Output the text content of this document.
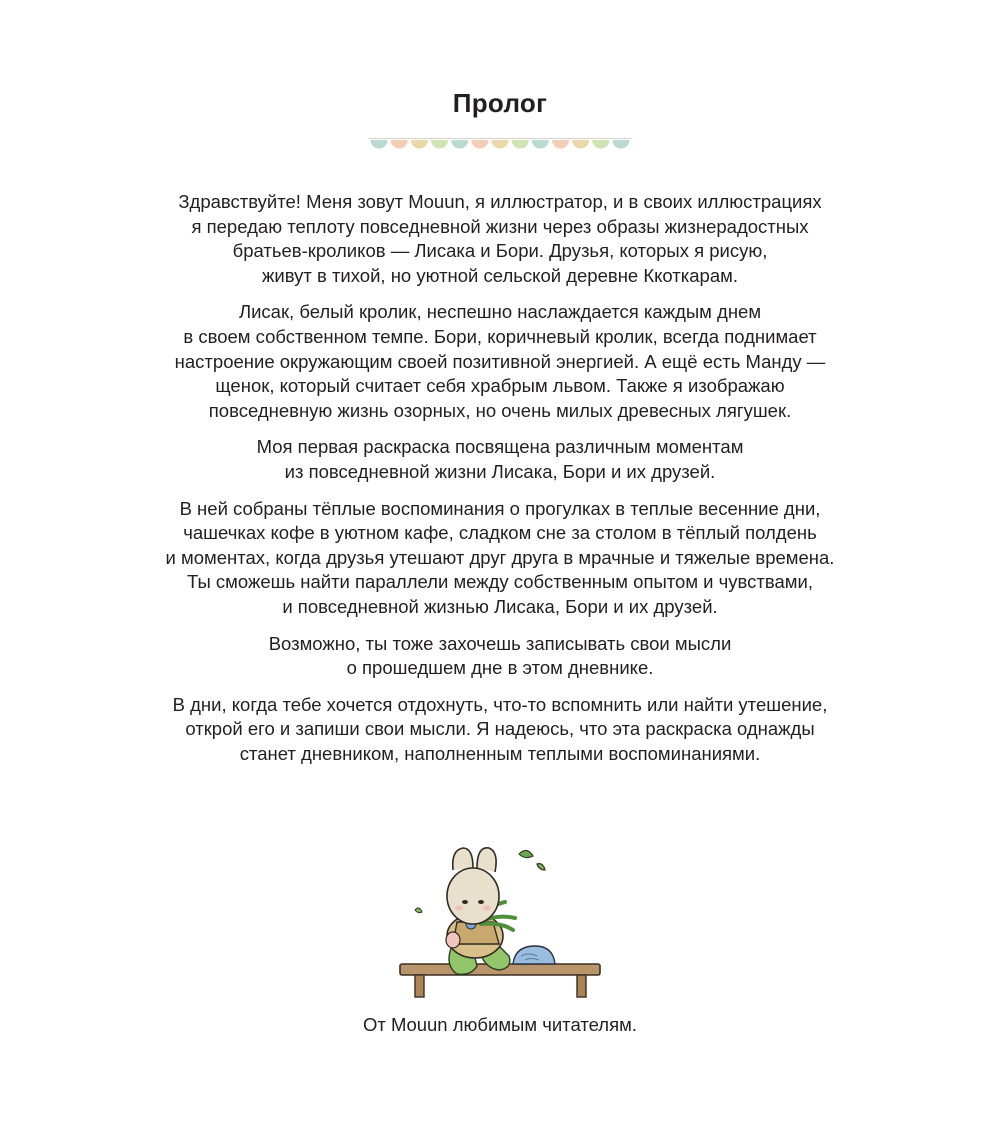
Пролог

Здравствуйте! Меня зовут Mouun, я иллюстратор, и в своих иллюстрациях
я передаю теплоту повседневной жизни через образы жизнерадостных
братьев-кроликов — Лисака и Бори. Друзья, которых я рисую,
живут в тихой, но уютной сельской деревне Ккоткарам.

Лисак, белый кролик, неспешно наслаждается каждым днем
в своем собственном темпе. Бори, коричневый кролик, всегда поднимает
настроение окружающим своей позитивной энергией. А ещё есть Манду —
щенок, который считает себя храбрым львом. Также я изображаю
повседневную жизнь озорных, но очень милых древесных лягушек.

Моя первая раскраска посвящена различным моментам
из повседневной жизни Лисака, Бори и их друзей.

В ней собраны тёплые воспоминания о прогулках в теплые весенние дни,
чашечках кофе в уютном кафе, сладком сне за столом в тёплый полдень
и моментах, когда друзья утешают друг друга в мрачные и тяжелые времена.
Ты сможешь найти параллели между собственным опытом и чувствами,
и повседневной жизнью Лисака, Бори и их друзей.

Возможно, ты тоже захочешь записывать свои мысли
о прошедшем дне в этом дневнике.

В дни, когда тебе хочется отдохнуть, что-то вспомнить или найти утешение,
открой его и запиши свои мысли. Я надеюсь, что эта раскраска однажды
станет дневником, наполненным теплыми воспоминаниями.

От Mouun любимым читателям.
